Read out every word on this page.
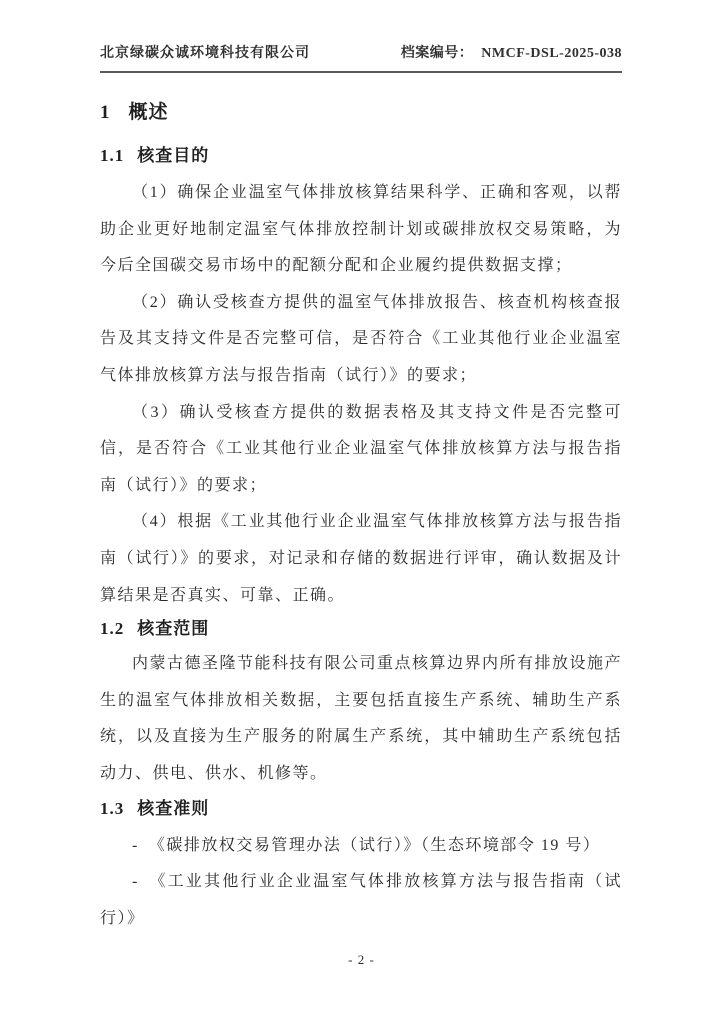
北京绿碳众诚环境科技有限公司	档案编号： NMCF-DSL-2025-038
1 概述
1.1 核查目的

（1）确保企业温室气体排放核算结果科学、正确和客观，以帮助企业更好地制定温室气体排放控制计划或碳排放权交易策略，为今后全国碳交易市场中的配额分配和企业履约提供数据支撑；

（2）确认受核查方提供的温室气体排放报告、核查机构核查报告及其支持文件是否完整可信，是否符合《工业其他行业企业温室气体排放核算方法与报告指南（试行）》的要求；

（3）确认受核查方提供的数据表格及其支持文件是否完整可信，是否符合《工业其他行业企业温室气体排放核算方法与报告指南（试行）》的要求；

（4）根据《工业其他行业企业温室气体排放核算方法与报告指南（试行）》的要求，对记录和存储的数据进行评审，确认数据及计算结果是否真实、可靠、正确。

1.2 核查范围

内蒙古德圣隆节能科技有限公司重点核算边界内所有排放设施产生的温室气体排放相关数据，主要包括直接生产系统、辅助生产系统，以及直接为生产服务的附属生产系统，其中辅助生产系统包括动力、供电、供水、机修等。

1.3 核查准则

- 《碳排放权交易管理办法（试行）》（生态环境部令 19 号）

- 《工业其他行业企业温室气体排放核算方法与报告指南（试行）》

- 2 -
